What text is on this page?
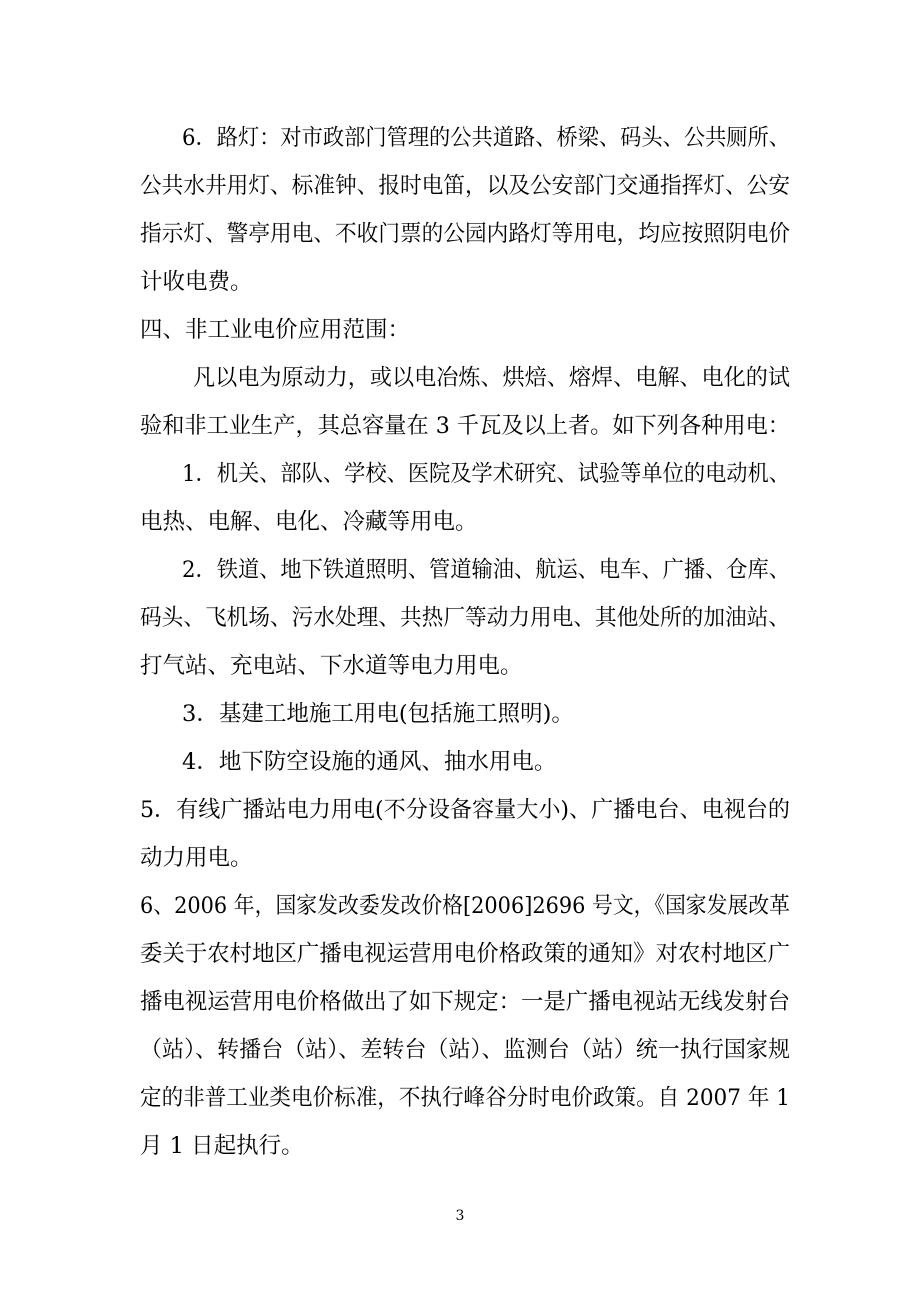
6．路灯：对市政部门管理的公共道路、桥梁、码头、公共厕所、
公共水井用灯、标准钟、报时电笛，以及公安部门交通指挥灯、公安
指示灯、警亭用电、不收门票的公园内路灯等用电，均应按照阴电价
计收电费。
四、非工业电价应用范围：
凡以电为原动力，或以电冶炼、烘焙、熔焊、电解、电化的试
验和非工业生产，其总容量在 3 千瓦及以上者。如下列各种用电：
1．机关、部队、学校、医院及学术研究、试验等单位的电动机、
电热、电解、电化、冷藏等用电。
2．铁道、地下铁道照明、管道输油、航运、电车、广播、仓库、
码头、飞机场、污水处理、共热厂等动力用电、其他处所的加油站、
打气站、充电站、下水道等电力用电。
3．基建工地施工用电(包括施工照明)。
4．地下防空设施的通风、抽水用电。
5．有线广播站电力用电(不分设备容量大小)、广播电台、电视台的
动力用电。
6、2006 年，国家发改委发改价格[2006]2696 号文，《国家发展改革
委关于农村地区广播电视运营用电价格政策的通知》对农村地区广
播电视运营用电价格做出了如下规定：一是广播电视站无线发射台
（站）、转播台（站）、差转台（站）、监测台（站）统一执行国家规
定的非普工业类电价标准，不执行峰谷分时电价政策。自 2007 年 1
月 1 日起执行。
3
